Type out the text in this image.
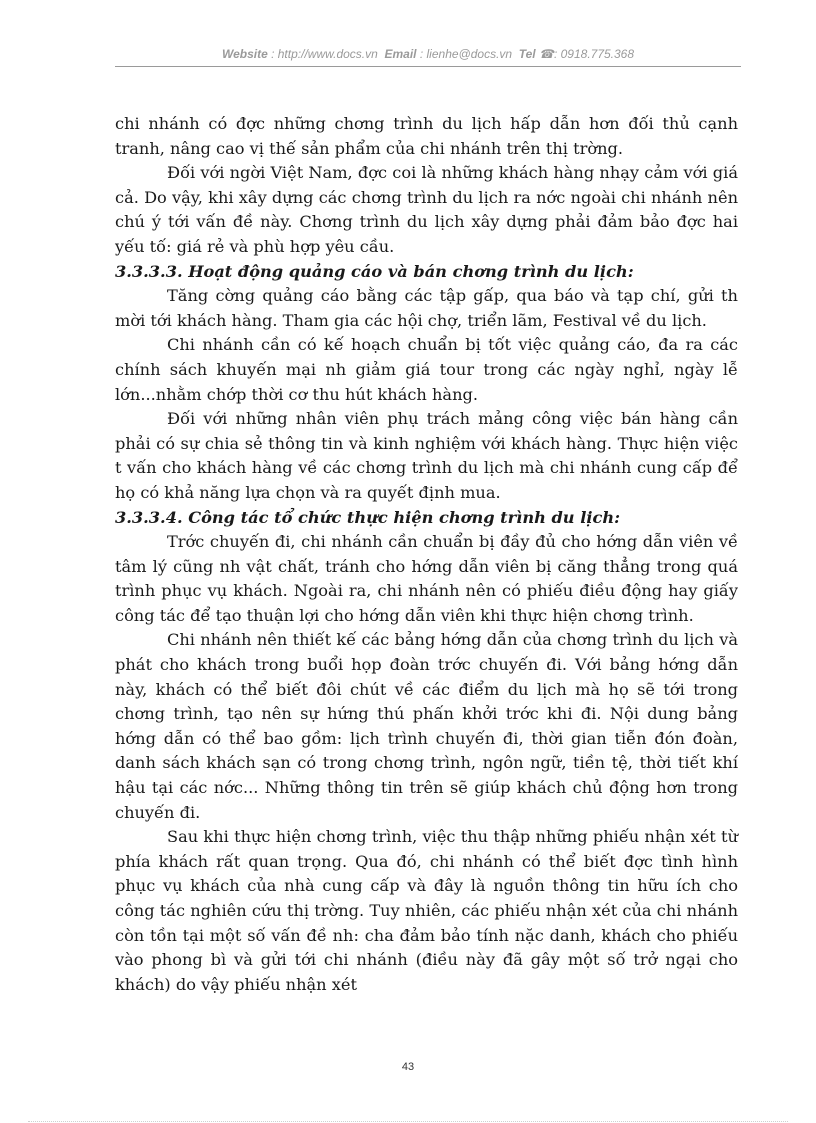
Website : http://www.docs.vn Email : lienhe@docs.vn Tel ☎: 0918.775.368

chi nhánh có đợc những chơng trình du lịch hấp dẫn hơn đối thủ cạnh tranh, nâng cao vị thế sản phẩm của chi nhánh trên thị trờng.

Đối với ngời Việt Nam, đợc coi là những khách hàng nhạy cảm với giá cả. Do vậy, khi xây dựng các chơng trình du lịch ra nớc ngoài chi nhánh nên chú ý tới vấn đề này. Chơng trình du lịch xây dựng phải đảm bảo đợc hai yếu tố: giá rẻ và phù hợp yêu cầu.

3.3.3.3. Hoạt động quảng cáo và bán chơng trình du lịch:

Tăng cờng quảng cáo bằng các tập gấp, qua báo và tạp chí, gửi th mời tới khách hàng. Tham gia các hội chợ, triển lãm, Festival về du lịch.

Chi nhánh cần có kế hoạch chuẩn bị tốt việc quảng cáo, đa ra các chính sách khuyến mại nh giảm giá tour trong các ngày nghỉ, ngày lễ lớn...nhằm chớp thời cơ thu hút khách hàng.

Đối với những nhân viên phụ trách mảng công việc bán hàng cần phải có sự chia sẻ thông tin và kinh nghiệm với khách hàng. Thực hiện việc t vấn cho khách hàng về các chơng trình du lịch mà chi nhánh cung cấp để họ có khả năng lựa chọn và ra quyết định mua.

3.3.3.4. Công tác tổ chức thực hiện chơng trình du lịch:

Trớc chuyến đi, chi nhánh cần chuẩn bị đầy đủ cho hớng dẫn viên về tâm lý cũng nh vật chất, tránh cho hớng dẫn viên bị căng thẳng trong quá trình phục vụ khách. Ngoài ra, chi nhánh nên có phiếu điều động hay giấy công tác để tạo thuận lợi cho hớng dẫn viên khi thực hiện chơng trình.

Chi nhánh nên thiết kế các bảng hớng dẫn của chơng trình du lịch và phát cho khách trong buổi họp đoàn trớc chuyến đi. Với bảng hớng dẫn này, khách có thể biết đôi chút về các điểm du lịch mà họ sẽ tới trong chơng trình, tạo nên sự hứng thú phấn khởi trớc khi đi. Nội dung bảng hớng dẫn có thể bao gồm: lịch trình chuyến đi, thời gian tiễn đón đoàn, danh sách khách sạn có trong chơng trình, ngôn ngữ, tiền tệ, thời tiết khí hậu tại các nớc... Những thông tin trên sẽ giúp khách chủ động hơn trong chuyến đi.

Sau khi thực hiện chơng trình, việc thu thập những phiếu nhận xét từ phía khách rất quan trọng. Qua đó, chi nhánh có thể biết đợc tình hình phục vụ khách của nhà cung cấp và đây là nguồn thông tin hữu ích cho công tác nghiên cứu thị trờng. Tuy nhiên, các phiếu nhận xét của chi nhánh còn tồn tại một số vấn đề nh: cha đảm bảo tính nặc danh, khách cho phiếu vào phong bì và gửi tới chi nhánh (điều này đã gây một số trở ngại cho khách) do vậy phiếu nhận xét

43
